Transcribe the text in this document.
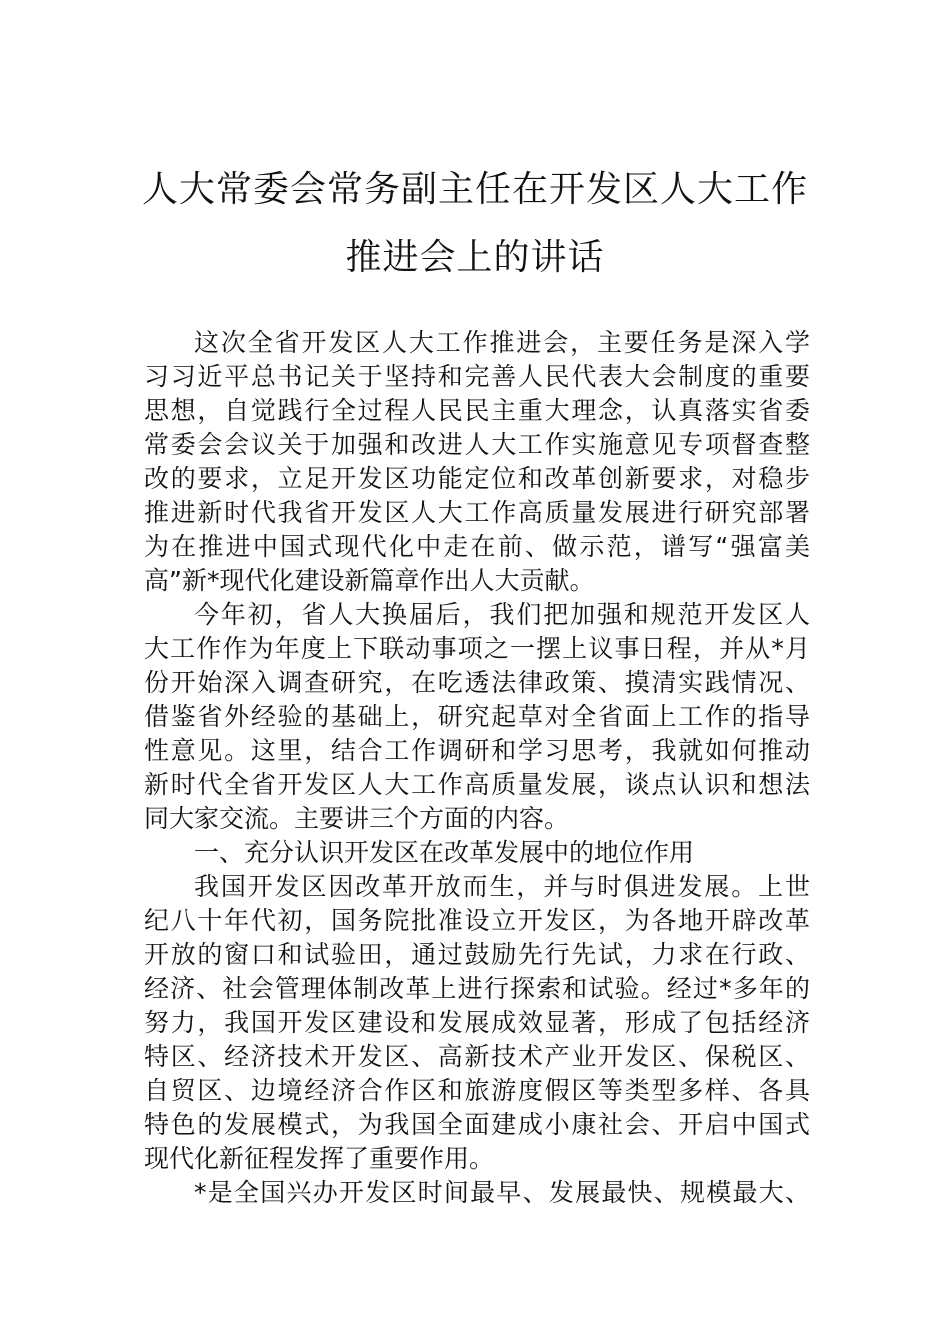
人大常委会常务副主任在开发区人大工作
推进会上的讲话
这次全省开发区人大工作推进会，主要任务是深入学
习习近平总书记关于坚持和完善人民代表大会制度的重要
思想，自觉践行全过程人民民主重大理念，认真落实省委
常委会会议关于加强和改进人大工作实施意见专项督查整
改的要求，立足开发区功能定位和改革创新要求，对稳步
推进新时代我省开发区人大工作高质量发展进行研究部署
为在推进中国式现代化中走在前、做示范，谱写“强富美
高”新*现代化建设新篇章作出人大贡献。
今年初，省人大换届后，我们把加强和规范开发区人
大工作作为年度上下联动事项之一摆上议事日程，并从*月
份开始深入调查研究，在吃透法律政策、摸清实践情况、
借鉴省外经验的基础上，研究起草对全省面上工作的指导
性意见。这里，结合工作调研和学习思考，我就如何推动
新时代全省开发区人大工作高质量发展，谈点认识和想法
同大家交流。主要讲三个方面的内容。
一、充分认识开发区在改革发展中的地位作用
我国开发区因改革开放而生，并与时俱进发展。上世
纪八十年代初，国务院批准设立开发区，为各地开辟改革
开放的窗口和试验田，通过鼓励先行先试，力求在行政、
经济、社会管理体制改革上进行探索和试验。经过*多年的
努力，我国开发区建设和发展成效显著，形成了包括经济
特区、经济技术开发区、高新技术产业开发区、保税区、
自贸区、边境经济合作区和旅游度假区等类型多样、各具
特色的发展模式，为我国全面建成小康社会、开启中国式
现代化新征程发挥了重要作用。
*是全国兴办开发区时间最早、发展最快、规模最大、
